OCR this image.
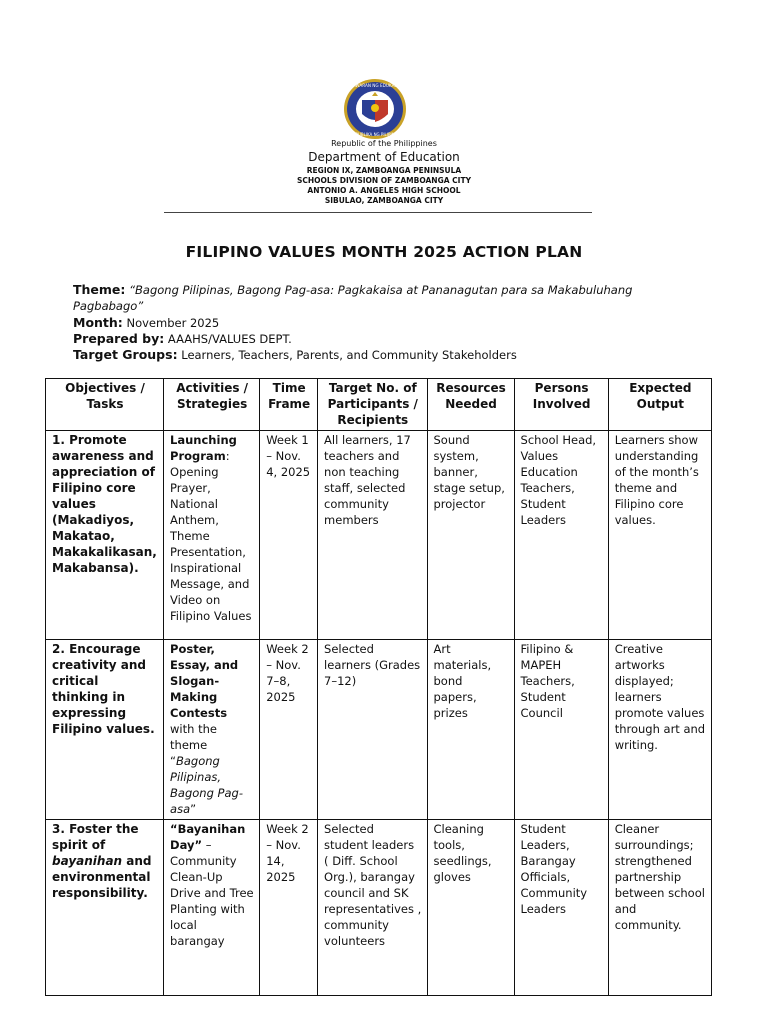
KAGAWARAN NG EDUKASYON
REPUBLIKA NG PILIPINAS
Republic of the Philippines
Department of Education
REGION IX, ZAMBOANGA PENINSULA
SCHOOLS DIVISION OF ZAMBOANGA CITY
ANTONIO A. ANGELES HIGH SCHOOL
SIBULAO, ZAMBOANGA CITY
FILIPINO VALUES MONTH 2025 ACTION PLAN
Theme: “Bagong Pilipinas, Bagong Pag-asa: Pagkakaisa at Pananagutan para sa Makabuluhang Pagbabago”
Month: November 2025
Prepared by: AAAHS/VALUES DEPT.
Target Groups: Learners, Teachers, Parents, and Community Stakeholders
Objectives / Tasks	Activities / Strategies	Time Frame	Target No. of Participants / Recipients	Resources Needed	Persons Involved	Expected Output
1. Promote awareness and appreciation of Filipino core values (Makadiyos, Makatao, Makakalikasan, Makabansa).	Launching Program: Opening Prayer, National Anthem, Theme Presentation, Inspirational Message, and Video on Filipino Values	Week 1 – Nov. 4, 2025	All learners, 17 teachers and non teaching staff, selected community members	Sound system, banner, stage setup, projector	School Head, Values Education Teachers, Student Leaders	Learners show understanding of the month’s theme and Filipino core values.
2. Encourage creativity and critical thinking in expressing Filipino values.	Poster, Essay, and Slogan-Making Contests with the theme “Bagong Pilipinas, Bagong Pag-asa”	Week 2 – Nov. 7–8, 2025	Selected learners (Grades 7–12)	Art materials, bond papers, prizes	Filipino & MAPEH Teachers, Student Council	Creative artworks displayed; learners promote values through art and writing.
3. Foster the spirit of bayanihan and environmental responsibility.	“Bayanihan Day” – Community Clean-Up Drive and Tree Planting with local barangay	Week 2 – Nov. 14, 2025	Selected student leaders ( Diff. School Org.), barangay council and SK representatives , community volunteers	Cleaning tools, seedlings, gloves	Student Leaders, Barangay Officials, Community Leaders	Cleaner surroundings; strengthened partnership between school and community.
